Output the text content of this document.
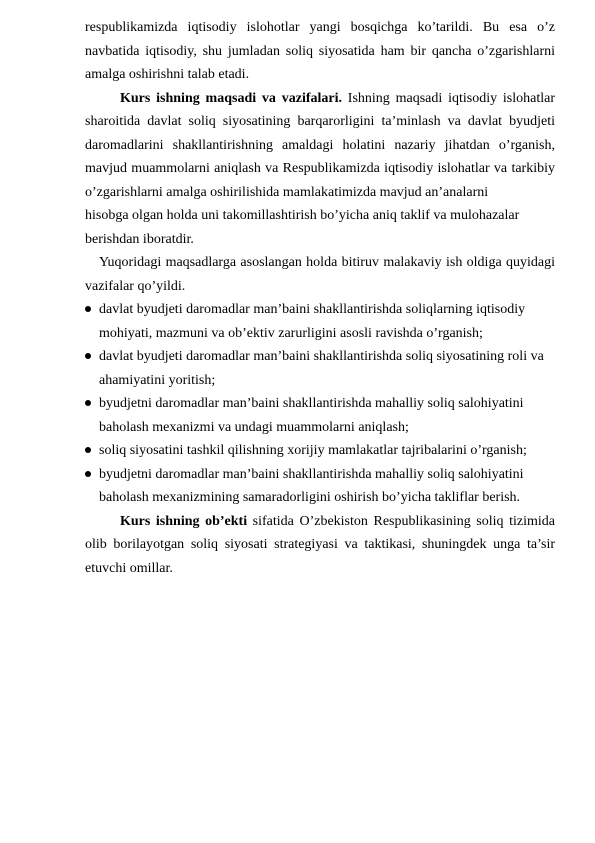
respublikamizda iqtisodiy islohotlar yangi bosqichga ko’tarildi. Bu esa o’z navbatida iqtisodiy, shu jumladan soliq siyosatida ham bir qancha o’zgarishlarni amalga oshirishni talab etadi.

Kurs ishning maqsadi va vazifalari. Ishning maqsadi iqtisodiy islohatlar sharoitida davlat soliq siyosatining barqarorligini ta’minlash va davlat byudjeti daromadlarini shakllantirishning amaldagi holatini nazariy jihatdan o’rganish, mavjud muammolarni aniqlash va Respublikamizda iqtisodiy islohatlar va tarkibiy o’zgarishlarni amalga oshirilishida mamlakatimizda mavjud an’analarni

hisobga olgan holda uni takomillashtirish bo’yicha aniq taklif va mulohazalar

berishdan iboratdir.

Yuqoridagi maqsadlarga asoslangan holda bitiruv malakaviy ish oldiga quyidagi vazifalar qo’yildi.

davlat byudjeti daromadlar man’baini shakllantirishda soliqlarning iqtisodiy mohiyati, mazmuni va ob’ektiv zarurligini asosli ravishda o’rganish;
davlat byudjeti daromadlar man’baini shakllantirishda soliq siyosatining roli va ahamiyatini yoritish;
byudjetni daromadlar man’baini shakllantirishda mahalliy soliq salohiyatini baholash mexanizmi va undagi muammolarni aniqlash;
soliq siyosatini tashkil qilishning xorijiy mamlakatlar tajribalarini o’rganish;
byudjetni daromadlar man’baini shakllantirishda mahalliy soliq salohiyatini baholash mexanizmining samaradorligini oshirish bo’yicha takliflar berish.

Kurs ishning ob’ekti sifatida O’zbekiston Respublikasining soliq tizimida olib borilayotgan soliq siyosati strategiyasi va taktikasi, shuningdek unga ta’sir etuvchi omillar.
